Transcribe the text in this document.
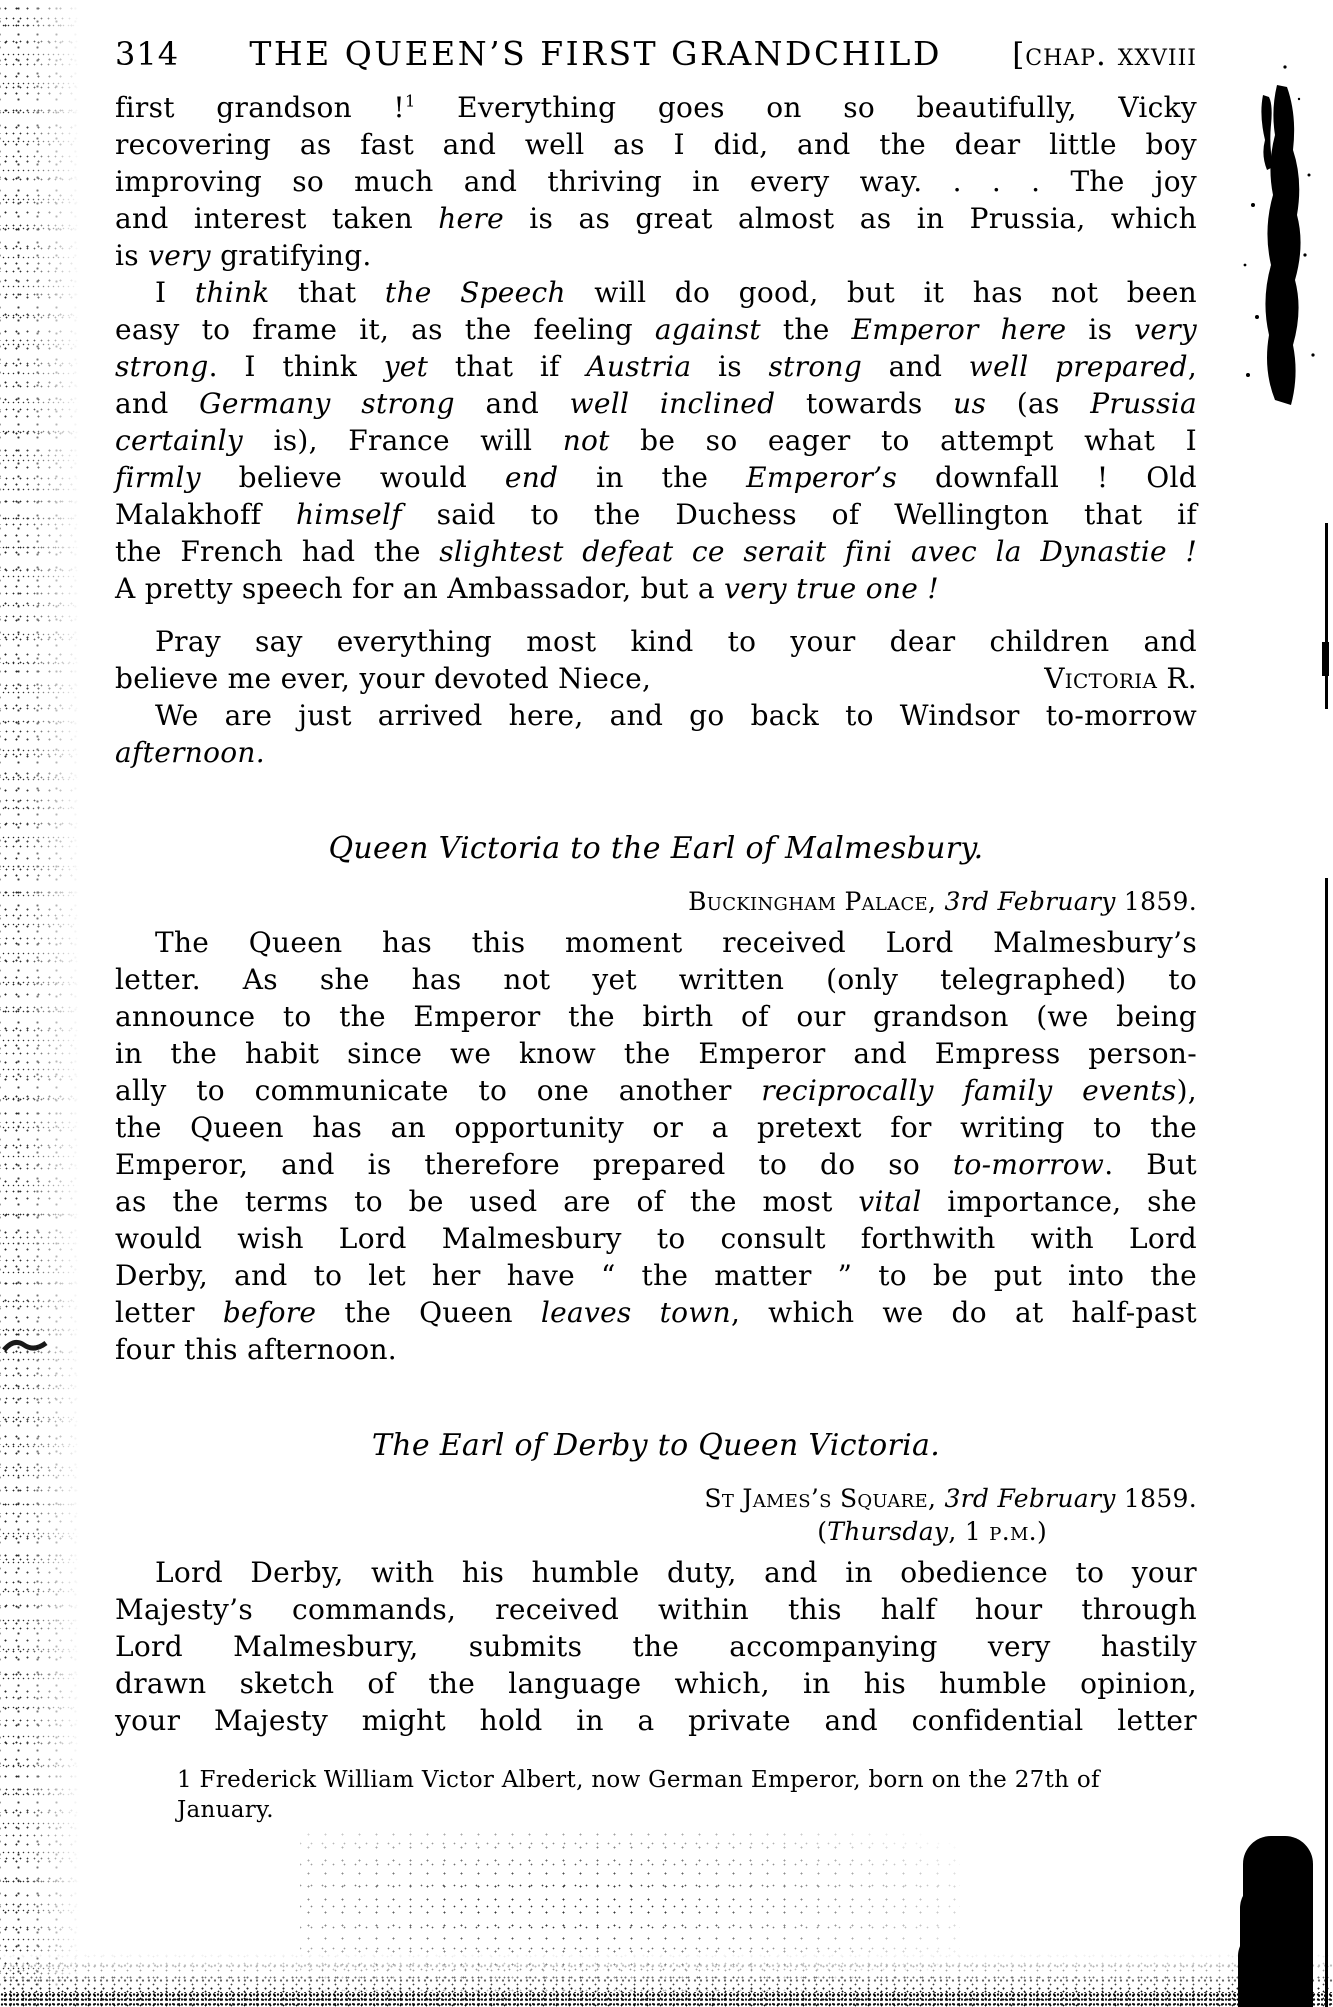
314 THE QUEEN’S FIRST GRANDCHILD [chap. xxviii
first grandson !$^1$ Everything goes on so beautifully, Vicky
recovering as fast and well as I did, and the dear little boy
improving so much and thriving in every way. . . . The joy
and interest taken here is as great almost as in Prussia, which
is very gratifying.
I think that the Speech will do good, but it has not been
easy to frame it, as the feeling against the Emperor here is very
strong. I think yet that if Austria is strong and well prepared,
and Germany strong and well inclined towards us (as Prussia
certainly is), France will not be so eager to attempt what I
firmly believe would end in the Emperor’s downfall ! Old
Malakhoff himself said to the Duchess of Wellington that if
the French had the slightest defeat ce serait fini avec la Dynastie !
A pretty speech for an Ambassador, but a very true one !
Pray say everything most kind to your dear children and
believe me ever, your devoted Niece,	Victoria R.
We are just arrived here, and go back to Windsor to-morrow
afternoon.
Queen Victoria to the Earl of Malmesbury.
Buckingham Palace, 3rd February 1859.
The Queen has this moment received Lord Malmesbury’s
letter. As she has not yet written (only telegraphed) to
announce to the Emperor the birth of our grandson (we being
in the habit since we know the Emperor and Empress person-
ally to communicate to one another reciprocally family events),
the Queen has an opportunity or a pretext for writing to the
Emperor, and is therefore prepared to do so to-morrow. But
as the terms to be used are of the most vital importance, she
would wish Lord Malmesbury to consult forthwith with Lord
Derby, and to let her have “ the matter ” to be put into the
letter before the Queen leaves town, which we do at half-past
four this afternoon.
The Earl of Derby to Queen Victoria.
St James’s Square, 3rd February 1859.
(Thursday, 1 p.m.)
Lord Derby, with his humble duty, and in obedience to your
Majesty’s commands, received within this half hour through
Lord Malmesbury, submits the accompanying very hastily
drawn sketch of the language which, in his humble opinion,
your Majesty might hold in a private and confidential letter
1 Frederick William Victor Albert, now German Emperor, born on the 27th of January.
